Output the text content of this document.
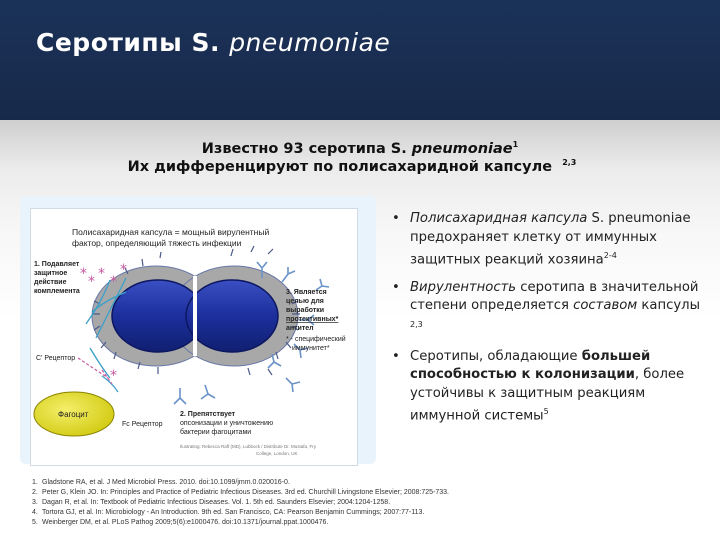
Серотипы S. pneumoniae
Известно 93 серотипа S. pneumoniae$^1$
Их дифференцируют по полисахаридной капсуле $^{2,3}$
Полисахаридная капсула = мощный вирулентный
фактор, определяющий тяжесть инфекции
* * *
*
*
*
1. Подавляет
защитное
действие
комплемента
C' Рецептор
3. Является
целью для
выработки
протективных*
антител
* - специфический
иммунитет*
Фагоцит
Fc Рецептор
2. Препятствует
опсонизации и уничтожению
бактерии фагоцитами
Ilustrating: Rebecca Raff (MD), Lubbock / Distribute Dr. Mustafa, Fry
College, London, UK
• Полисахаридная капсула S. pneumoniae предохраняет клетку от иммунных защитных реакций хозяина$^{2-4}$
• Вирулентность серотипа в значительной степени определяется составом капсулы $^{2,3}$
• Серотипы, обладающие большей способностью к колонизации, более устойчивы к защитным реакциям иммунной системы$^5$
1. Gladstone RA, et al. J Med Microbiol Press. 2010. doi:10.1099/jmm.0.020016-0.
2. Peter G, Klein JO. In: Principles and Practice of Pediatric Infectious Diseases. 3rd ed. Churchill Livingstone Elsevier; 2008:725-733.
3. Dagan R, et al. In: Textbook of Pediatric Infectious Diseases. Vol. 1. 5th ed. Saunders Elsevier; 2004:1204-1258.
4. Tortora GJ, et al. In: Microbiology - An Introduction. 9th ed. San Francisco, CA: Pearson Benjamin Cummings; 2007:77-113.
5. Weinberger DM, et al. PLoS Pathog 2009;5(6):e1000476. doi:10.1371/journal.ppat.1000476.
